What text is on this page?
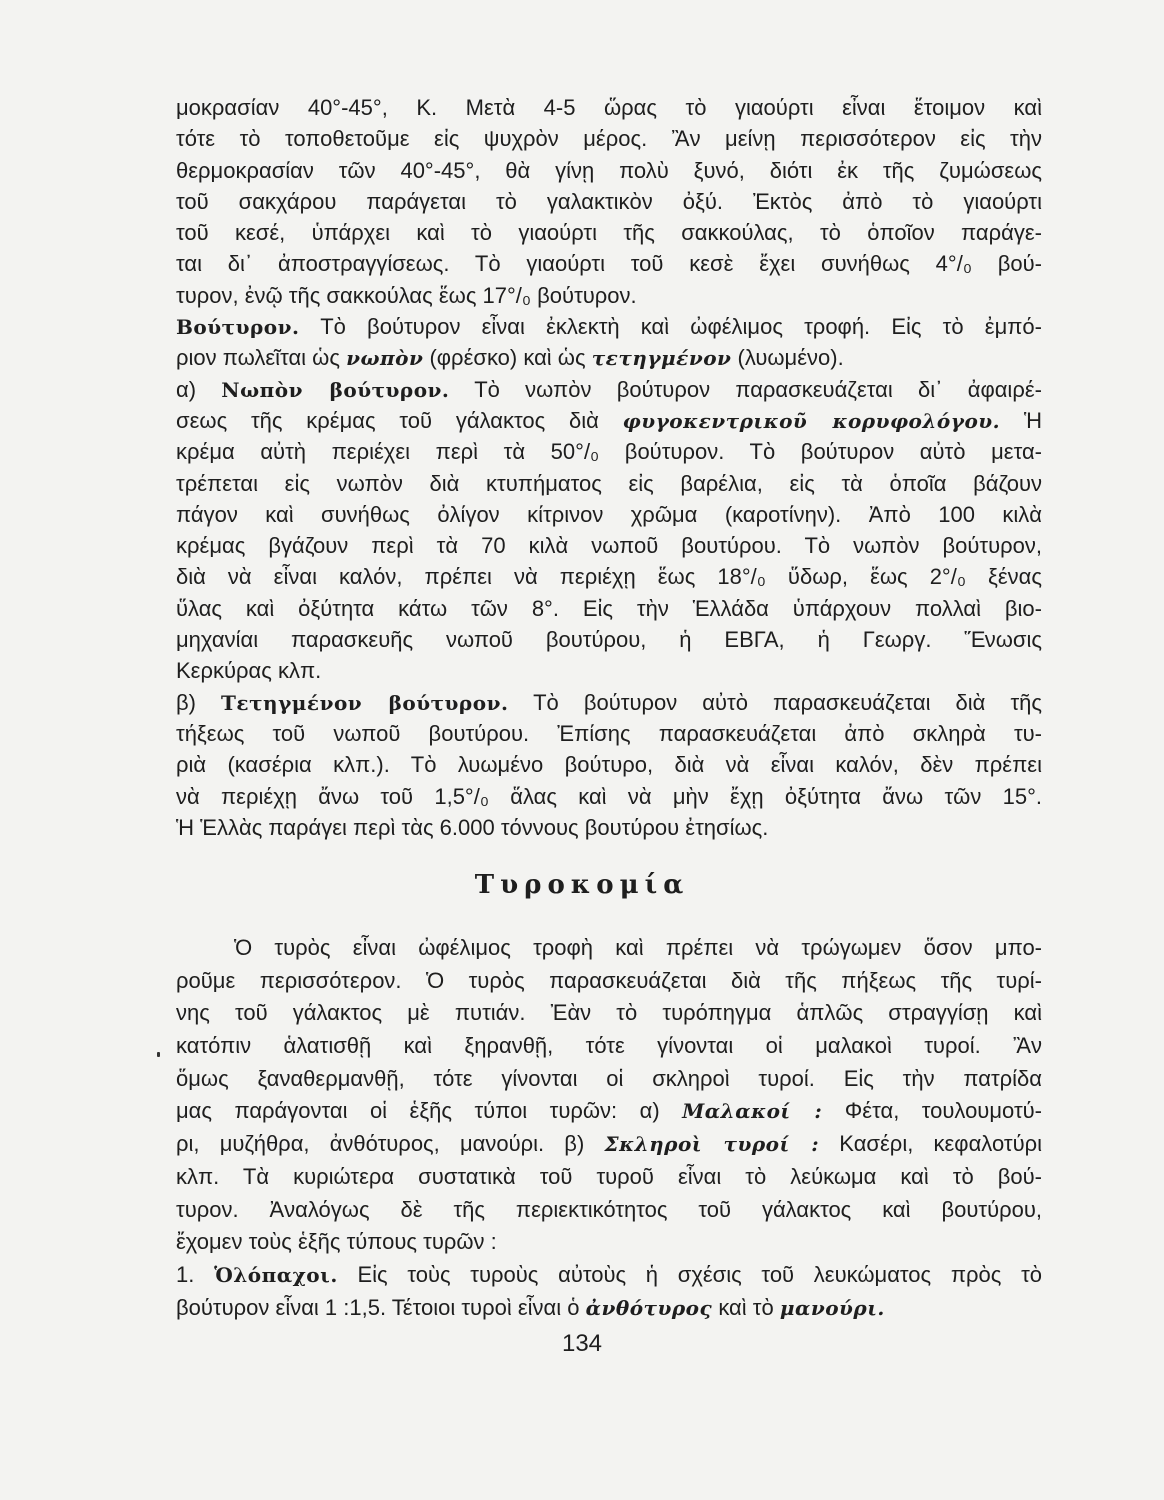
μοκρασίαν 40°-45°, Κ. Μετὰ 4-5 ὥρας τὸ γιαούρτι εἶναι ἕτοιμον καὶ
τότε τὸ τοποθετοῦμε εἰς ψυχρὸν μέρος. Ἂν μείνῃ περισσότερον εἰς τὴν
θερμοκρασίαν τῶν 40°-45°, θὰ γίνῃ πολὺ ξυνό, διότι ἐκ τῆς ζυμώσεως
τοῦ σακχάρου παράγεται τὸ γαλακτικὸν ὀξύ. Ἐκτὸς ἀπὸ τὸ γιαούρτι
τοῦ κεσέ, ὑπάρχει καὶ τὸ γιαούρτι τῆς σακκούλας, τὸ ὁποῖον παράγε-
ται δι᾽ ἀποστραγγίσεως. Τὸ γιαούρτι τοῦ κεσὲ ἔχει συνήθως 4°/₀ βού-
τυρον, ἐνῷ τῆς σακκούλας ἕως 17°/₀ βούτυρον.
Βούτυρον. Τὸ βούτυρον εἶναι ἐκλεκτὴ καὶ ὠφέλιμος τροφή. Εἰς τὸ ἐμπό-
ριον πωλεῖται ὡς νωπὸν (φρέσκο) καὶ ὡς τετηγμένον (λυωμένο).
α) Νωπὸν βούτυρον. Τὸ νωπὸν βούτυρον παρασκευάζεται δι᾽ ἀφαιρέ-
σεως τῆς κρέμας τοῦ γάλακτος διὰ φυγοκεντρικοῦ κορυφολόγου. Ἡ
κρέμα αὐτὴ περιέχει περὶ τὰ 50°/₀ βούτυρον. Τὸ βούτυρον αὐτὸ μετα-
τρέπεται εἰς νωπὸν διὰ κτυπήματος εἰς βαρέλια, εἰς τὰ ὁποῖα βάζουν
πάγον καὶ συνήθως ὀλίγον κίτρινον χρῶμα (καροτίνην). Ἀπὸ 100 κιλὰ
κρέμας βγάζουν περὶ τὰ 70 κιλὰ νωποῦ βουτύρου. Τὸ νωπὸν βούτυρον,
διὰ νὰ εἶναι καλόν, πρέπει νὰ περιέχῃ ἕως 18°/₀ ὕδωρ, ἕως 2°/₀ ξένας
ὕλας καὶ ὀξύτητα κάτω τῶν 8°. Εἰς τὴν Ἑλλάδα ὑπάρχουν πολλαὶ βιο-
μηχανίαι παρασκευῆς νωποῦ βουτύρου, ἡ ΕΒΓΑ, ἡ Γεωργ. Ἕνωσις
Κερκύρας κλπ.
β) Τετηγμένον βούτυρον. Τὸ βούτυρον αὐτὸ παρασκευάζεται διὰ τῆς
τήξεως τοῦ νωποῦ βουτύρου. Ἐπίσης παρασκευάζεται ἀπὸ σκληρὰ τυ-
ριὰ (κασέρια κλπ.). Τὸ λυωμένο βούτυρο, διὰ νὰ εἶναι καλόν, δὲν πρέπει
νὰ περιέχῃ ἄνω τοῦ 1,5°/₀ ἅλας καὶ νὰ μὴν ἔχῃ ὀξύτητα ἄνω τῶν 15°.
Ἡ Ἑλλὰς παράγει περὶ τὰς 6.000 τόννους βουτύρου ἐτησίως.
Τυροκομία
Ὁ τυρὸς εἶναι ὠφέλιμος τροφὴ καὶ πρέπει νὰ τρώγωμεν ὅσον μπο-
ροῦμε περισσότερον. Ὁ τυρὸς παρασκευάζεται διὰ τῆς πήξεως τῆς τυρί-
νης τοῦ γάλακτος μὲ πυτιάν. Ἐὰν τὸ τυρόπηγμα ἁπλῶς στραγγίσῃ καὶ
κατόπιν ἁλατισθῇ καὶ ξηρανθῇ, τότε γίνονται οἱ μαλακοὶ τυροί. Ἂν
ὅμως ξαναθερμανθῇ, τότε γίνονται οἱ σκληροὶ τυροί. Εἰς τὴν πατρίδα
μας παράγονται οἱ ἑξῆς τύποι τυρῶν: α) Μαλακοί : Φέτα, τουλουμοτύ-
ρι, μυζήθρα, ἀνθότυρος, μανούρι. β) Σκληροὶ τυροί : Κασέρι, κεφαλοτύρι
κλπ. Τὰ κυριώτερα συστατικὰ τοῦ τυροῦ εἶναι τὸ λεύκωμα καὶ τὸ βού-
τυρον. Ἀναλόγως δὲ τῆς περιεκτικότητος τοῦ γάλακτος καὶ βουτύρου,
ἔχομεν τοὺς ἑξῆς τύπους τυρῶν :
1. Ὁλόπαχοι. Εἰς τοὺς τυροὺς αὐτοὺς ἡ σχέσις τοῦ λευκώματος πρὸς τὸ
βούτυρον εἶναι 1 :1,5. Τέτοιοι τυροὶ εἶναι ὁ ἀνθότυρος καὶ τὸ μανούρι.
134
